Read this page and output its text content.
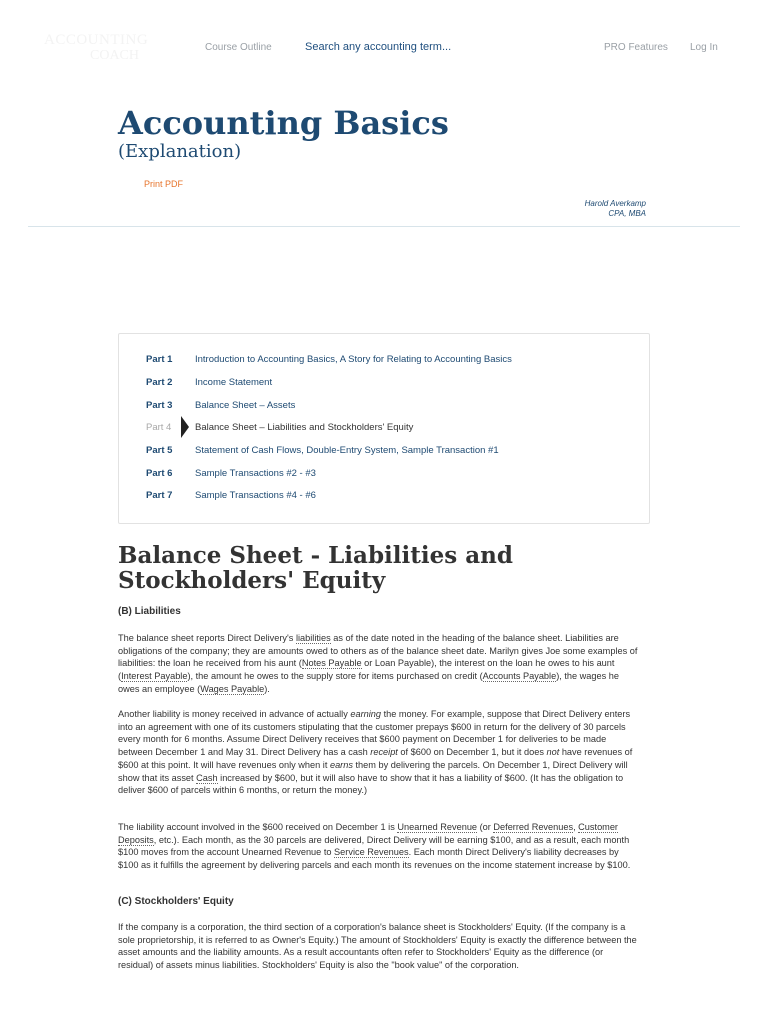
ACCOUNTING
COACH
Course Outline	Search any accounting term...	PRO Features Log In
Accounting Basics
(Explanation)
Print PDF
Harold Averkamp
CPA, MBA
Part 1 Introduction to Accounting Basics, A Story for Relating to Accounting Basics
Part 2 Income Statement
Part 3 Balance Sheet – Assets
Part 4 Balance Sheet – Liabilities and Stockholders' Equity
Part 5 Statement of Cash Flows, Double-Entry System, Sample Transaction #1
Part 6 Sample Transactions #2 - #3
Part 7 Sample Transactions #4 - #6
Balance Sheet - Liabilities and Stockholders' Equity
(B) Liabilities

The balance sheet reports Direct Delivery's liabilities as of the date noted in the heading of the balance sheet. Liabilities are obligations of the company; they are amounts owed to others as of the balance sheet date. Marilyn gives Joe some examples of liabilities: the loan he received from his aunt (Notes Payable or Loan Payable), the interest on the loan he owes to his aunt (Interest Payable), the amount he owes to the supply store for items purchased on credit (Accounts Payable), the wages he owes an employee (Wages Payable).

Another liability is money received in advance of actually earning the money. For example, suppose that Direct Delivery enters into an agreement with one of its customers stipulating that the customer prepays $600 in return for the delivery of 30 parcels every month for 6 months. Assume Direct Delivery receives that $600 payment on December 1 for deliveries to be made between December 1 and May 31. Direct Delivery has a cash receipt of $600 on December 1, but it does not have revenues of $600 at this point. It will have revenues only when it earns them by delivering the parcels. On December 1, Direct Delivery will show that its asset Cash increased by $600, but it will also have to show that it has a liability of $600. (It has the obligation to deliver $600 of parcels within 6 months, or return the money.)

The liability account involved in the $600 received on December 1 is Unearned Revenue (or Deferred Revenues, Customer Deposits, etc.). Each month, as the 30 parcels are delivered, Direct Delivery will be earning $100, and as a result, each month $100 moves from the account Unearned Revenue to Service Revenues. Each month Direct Delivery's liability decreases by $100 as it fulfills the agreement by delivering parcels and each month its revenues on the income statement increase by $100.

(C) Stockholders' Equity

If the company is a corporation, the third section of a corporation's balance sheet is Stockholders' Equity. (If the company is a sole proprietorship, it is referred to as Owner's Equity.) The amount of Stockholders' Equity is exactly the difference between the asset amounts and the liability amounts. As a result accountants often refer to Stockholders' Equity as the difference (or residual) of assets minus liabilities. Stockholders' Equity is also the "book value" of the corporation.
